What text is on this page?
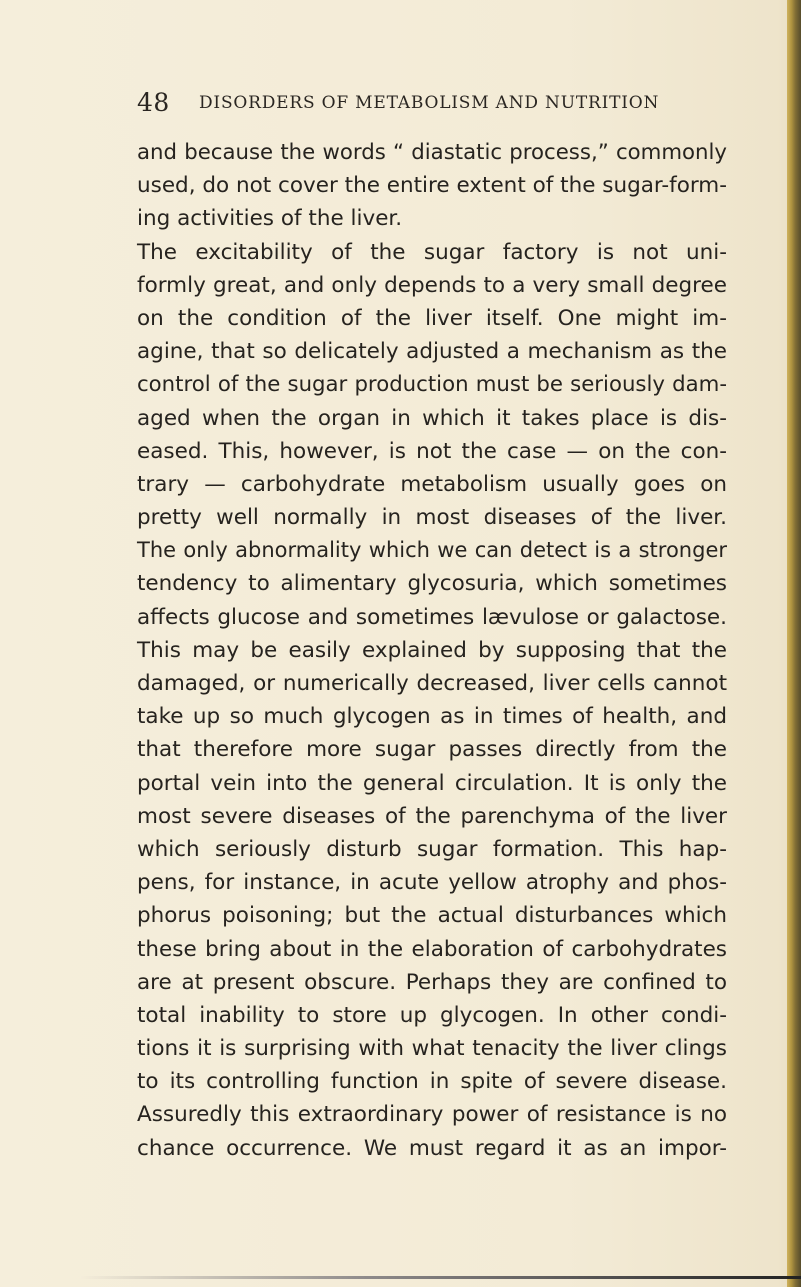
48 DISORDERS OF METABOLISM AND NUTRITION
and because the words “ diastatic process,” commonly
used, do not cover the entire extent of the sugar-form-
ing activities of the liver.
The excitability of the sugar factory is not uni-
formly great, and only depends to a very small degree
on the condition of the liver itself. One might im-
agine, that so delicately adjusted a mechanism as the
control of the sugar production must be seriously dam-
aged when the organ in which it takes place is dis-
eased. This, however, is not the case — on the con-
trary — carbohydrate metabolism usually goes on
pretty well normally in most diseases of the liver.
The only abnormality which we can detect is a stronger
tendency to alimentary glycosuria, which sometimes
affects glucose and sometimes lævulose or galactose.
This may be easily explained by supposing that the
damaged, or numerically decreased, liver cells cannot
take up so much glycogen as in times of health, and
that therefore more sugar passes directly from the
portal vein into the general circulation. It is only the
most severe diseases of the parenchyma of the liver
which seriously disturb sugar formation. This hap-
pens, for instance, in acute yellow atrophy and phos-
phorus poisoning; but the actual disturbances which
these bring about in the elaboration of carbohydrates
are at present obscure. Perhaps they are confined to
total inability to store up glycogen. In other condi-
tions it is surprising with what tenacity the liver clings
to its controlling function in spite of severe disease.
Assuredly this extraordinary power of resistance is no
chance occurrence. We must regard it as an impor-
